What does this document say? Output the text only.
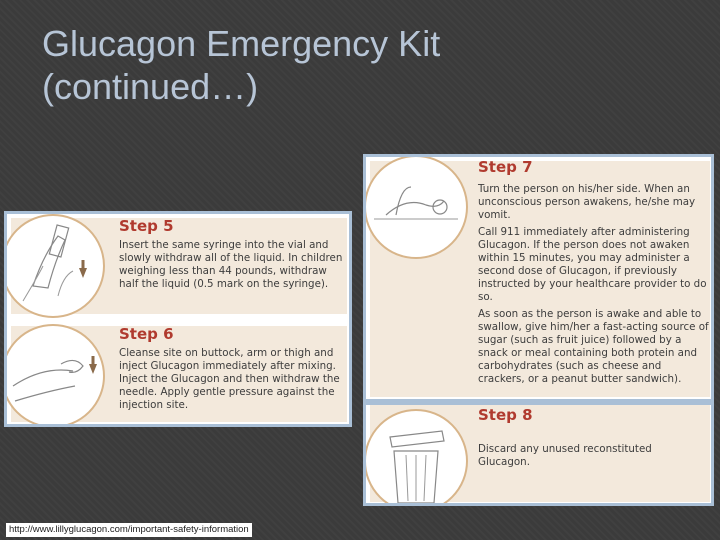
Glucagon Emergency Kit
(continued…)
Step 5
Insert the same syringe into the vial and slowly withdraw all of the liquid. In children weighing less than 44 pounds, withdraw half the liquid (0.5 mark on the syringe).
Step 6
Cleanse site on buttock, arm or thigh and inject Glucagon immediately after mixing. Inject the Glucagon and then withdraw the needle. Apply gentle pressure against the injection site.
Step 7

Turn the person on his/her side. When an unconscious person awakens, he/she may vomit.

Call 911 immediately after administering Glucagon. If the person does not awaken within 15 minutes, you may administer a second dose of Glucagon, if previously instructed by your healthcare provider to do so.

As soon as the person is awake and able to swallow, give him/her a fast-acting source of sugar (such as fruit juice) followed by a snack or meal containing both protein and carbohydrates (such as cheese and crackers, or a peanut butter sandwich).

Step 8
Discard any unused reconstituted Glucagon.
http://www.lillyglucagon.com/important-safety-information
